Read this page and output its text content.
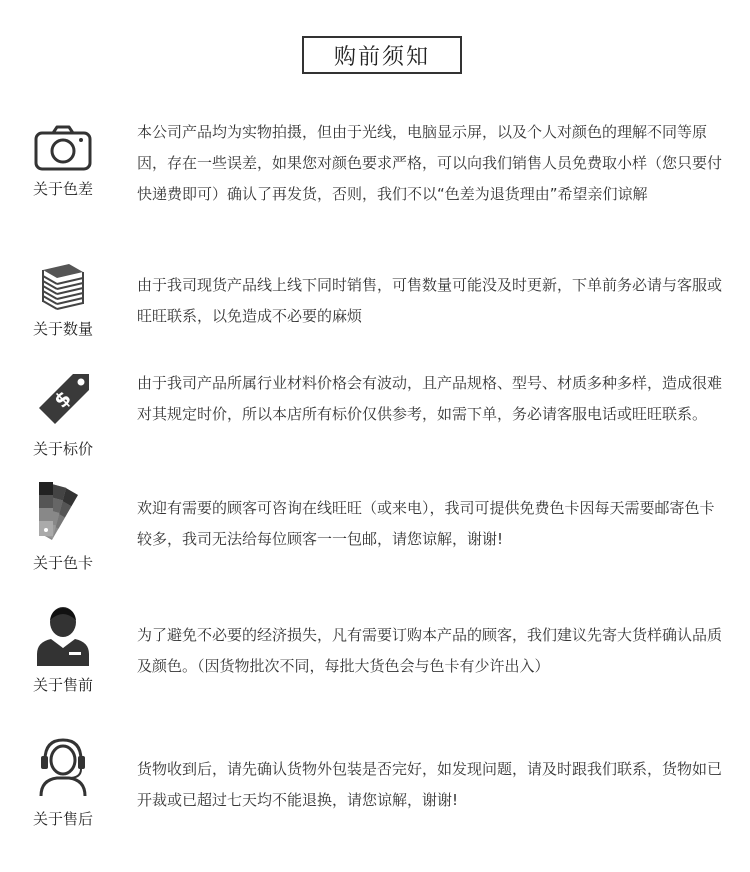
购前须知
关于色差
本公司产品均为实物拍摄，但由于光线，电脑显示屏，以及个人对颜色的理解不同等原因，存在一些误差，如果您对颜色要求严格，可以向我们销售人员免费取小样（您只要付快递费即可）确认了再发货，否则，我们不以“色差为退货理由”希望亲们谅解
关于数量
由于我司现货产品线上线下同时销售，可售数量可能没及时更新，下单前务必请与客服或旺旺联系，以免造成不必要的麻烦
$
关于标价
由于我司产品所属行业材料价格会有波动，且产品规格、型号、材质多种多样，造成很难对其规定时价，所以本店所有标价仅供参考，如需下单，务必请客服电话或旺旺联系。
关于色卡
欢迎有需要的顾客可咨询在线旺旺（或来电），我司可提供免费色卡因每天需要邮寄色卡较多，我司无法给每位顾客一一包邮，请您谅解，谢谢!
关于售前
为了避免不必要的经济损失，凡有需要订购本产品的顾客，我们建议先寄大货样确认品质及颜色。（因货物批次不同，每批大货色会与色卡有少许出入）
关于售后
货物收到后，请先确认货物外包装是否完好，如发现问题，请及时跟我们联系，货物如已开裁或已超过七天均不能退换，请您谅解，谢谢!
